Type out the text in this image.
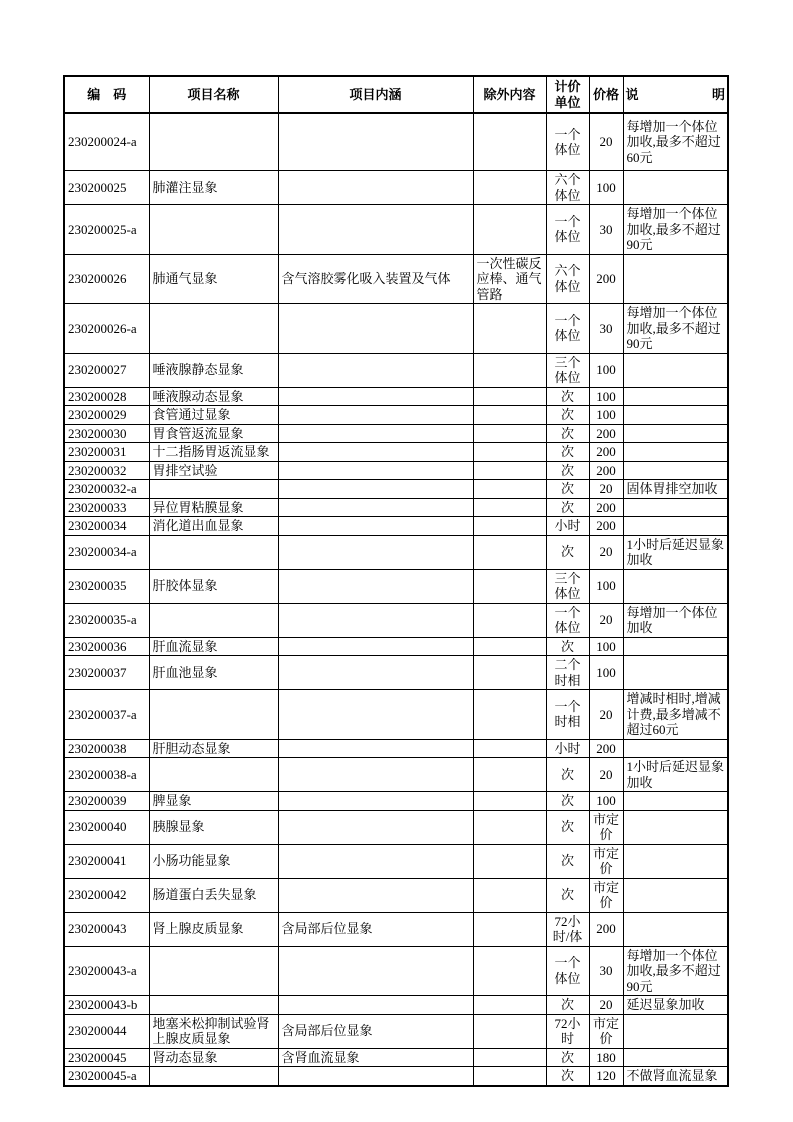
编　码	项目名称	项目内涵	除外内容	计价单位	价格	说　　　　明
230200024-a				一个体位	20	每增加一个体位加收,最多不超过60元
230200025	肺灌注显象			六个体位	100	
230200025-a				一个体位	30	每增加一个体位加收,最多不超过90元
230200026	肺通气显象	含气溶胶雾化吸入装置及气体	一次性碳反应棒、通气管路	六个体位	200	
230200026-a				一个体位	30	每增加一个体位加收,最多不超过90元
230200027	唾液腺静态显象			三个体位	100	
230200028	唾液腺动态显象			次	100	
230200029	食管通过显象			次	100	
230200030	胃食管返流显象			次	200	
230200031	十二指肠胃返流显象			次	200	
230200032	胃排空试验			次	200	
230200032-a				次	20	固体胃排空加收
230200033	异位胃粘膜显象			次	200	
230200034	消化道出血显象			小时	200	
230200034-a				次	20	1小时后延迟显象加收
230200035	肝胶体显象			三个体位	100	
230200035-a				一个体位	20	每增加一个体位加收
230200036	肝血流显象			次	100	
230200037	肝血池显象			二个时相	100	
230200037-a				一个时相	20	增减时相时,增减计费,最多增减不超过60元
230200038	肝胆动态显象			小时	200	
230200038-a				次	20	1小时后延迟显象加收
230200039	脾显象			次	100	
230200040	胰腺显象			次	市定价	
230200041	小肠功能显象			次	市定价	
230200042	肠道蛋白丢失显象			次	市定价	
230200043	肾上腺皮质显象	含局部后位显象		72小时/体	200	
230200043-a				一个体位	30	每增加一个体位加收,最多不超过90元
230200043-b				次	20	延迟显象加收
230200044	地塞米松抑制试验肾上腺皮质显象	含局部后位显象		72小时	市定价	
230200045	肾动态显象	含肾血流显象		次	180	
230200045-a				次	120	不做肾血流显象
